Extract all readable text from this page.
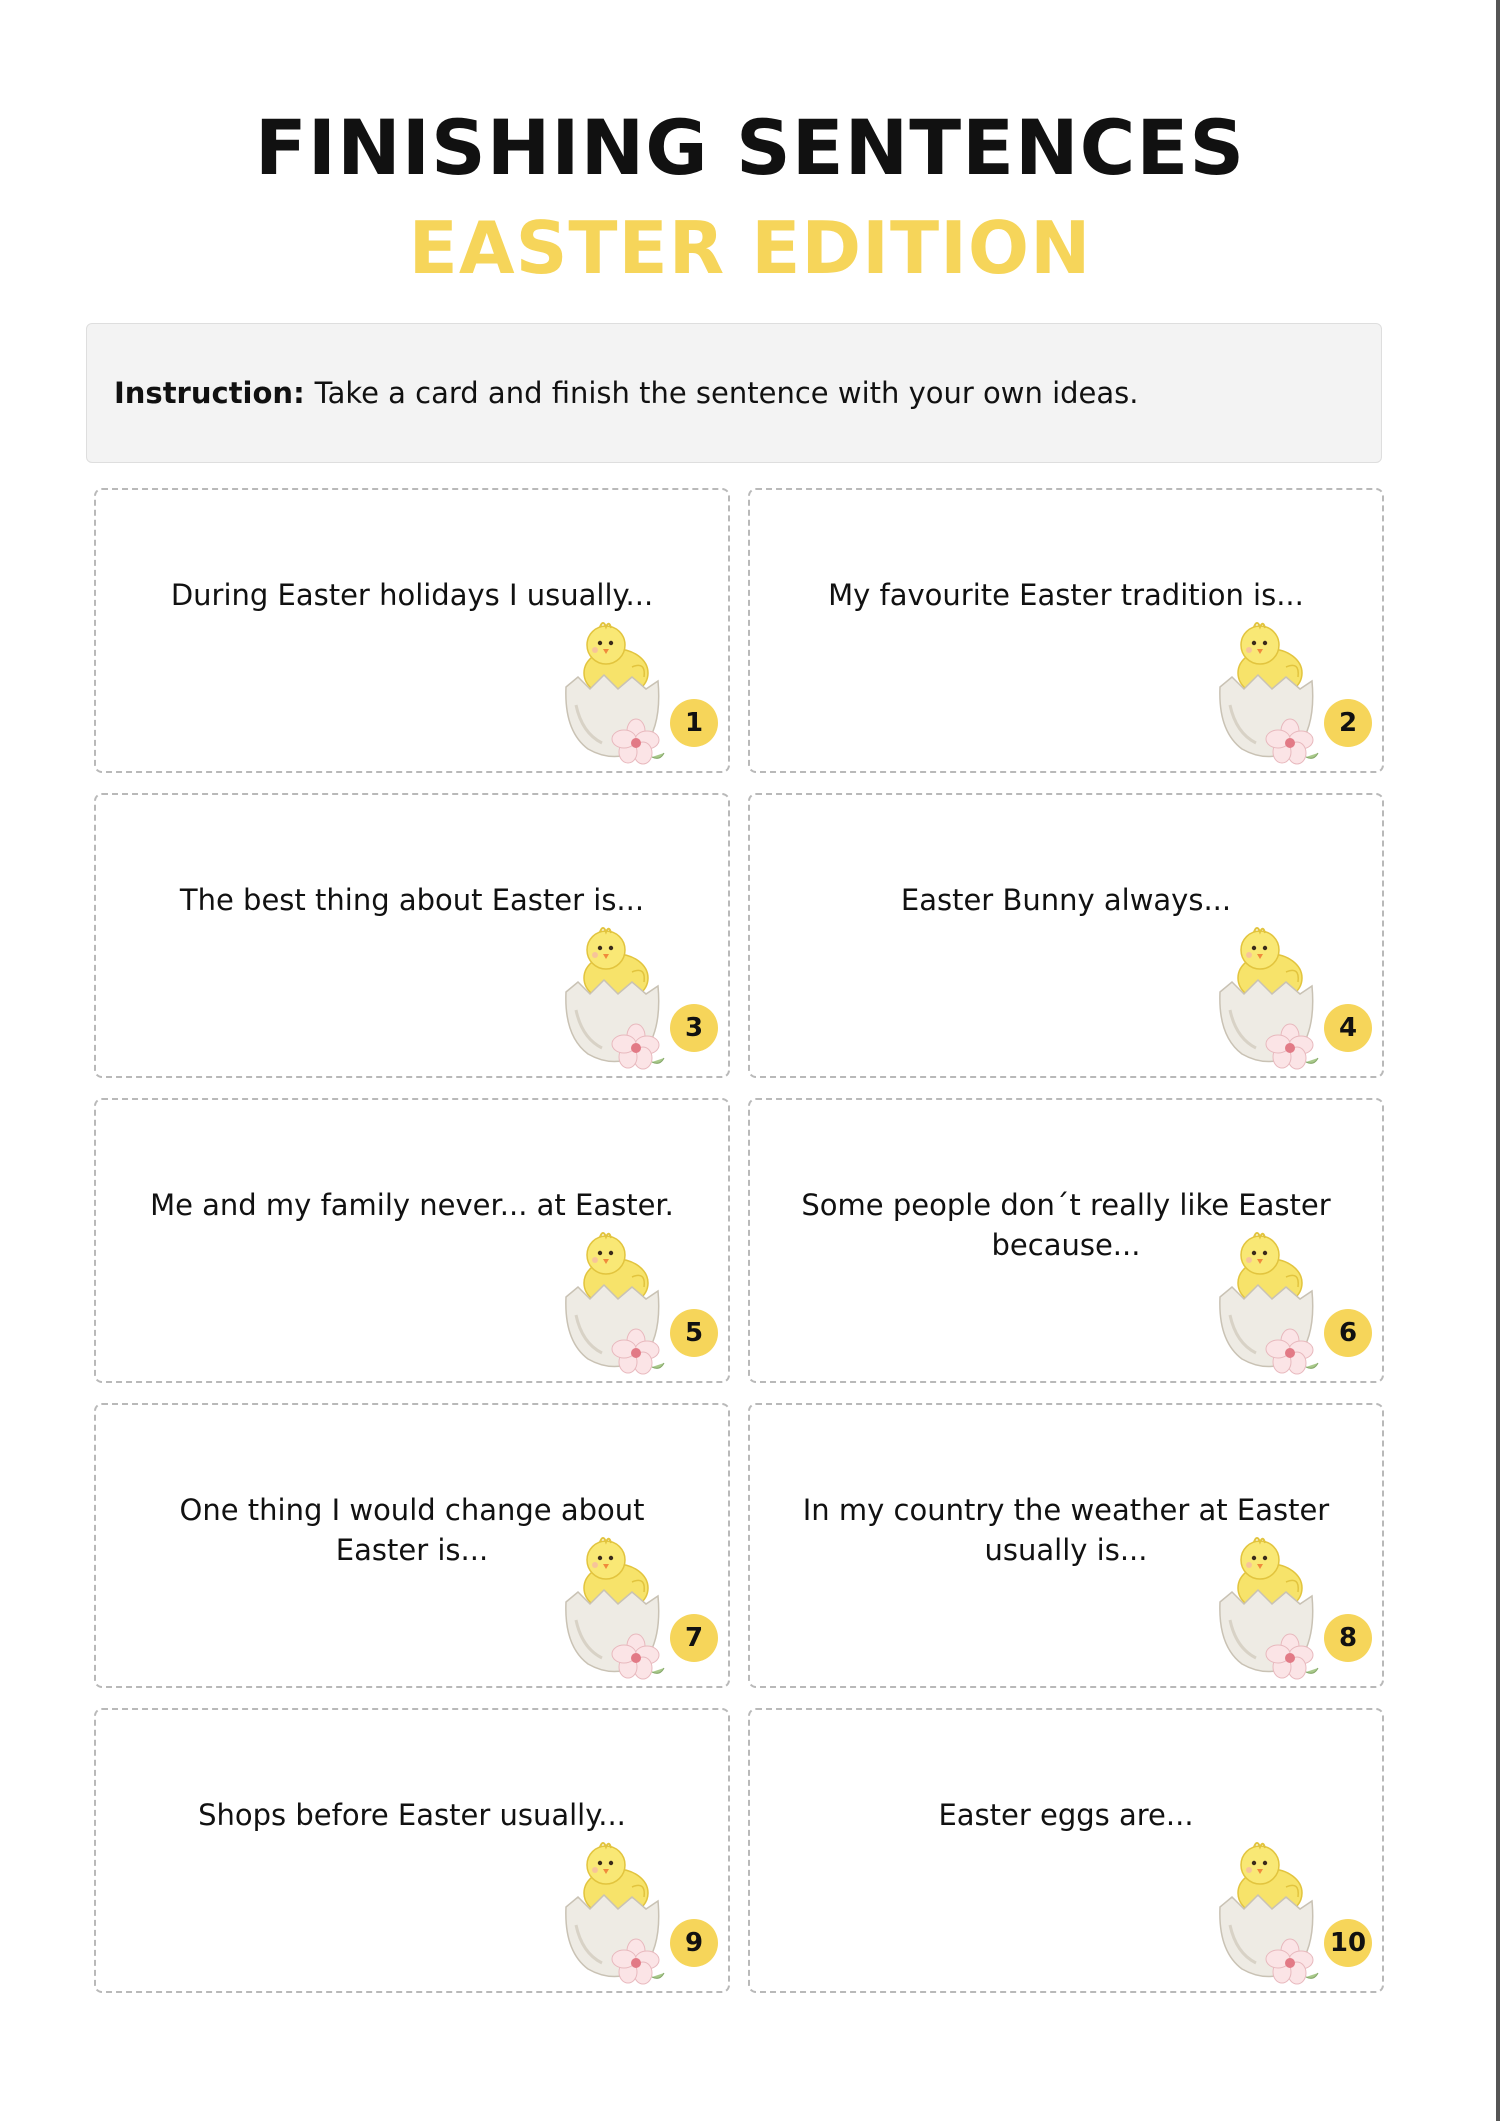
FINISHING SENTENCES
EASTER EDITION
Instruction: Take a card and finish the sentence with your own ideas.
During Easter holidays I usually...
1
My favourite Easter tradition is...
2
The best thing about Easter is...
3
Easter Bunny always...
4
Me and my family never... at Easter.
5
Some people don´t really like Easter because...
6
One thing I would change about Easter is...
7
In my country the weather at Easter usually is...
8
Shops before Easter usually...
9
Easter eggs are...
10
